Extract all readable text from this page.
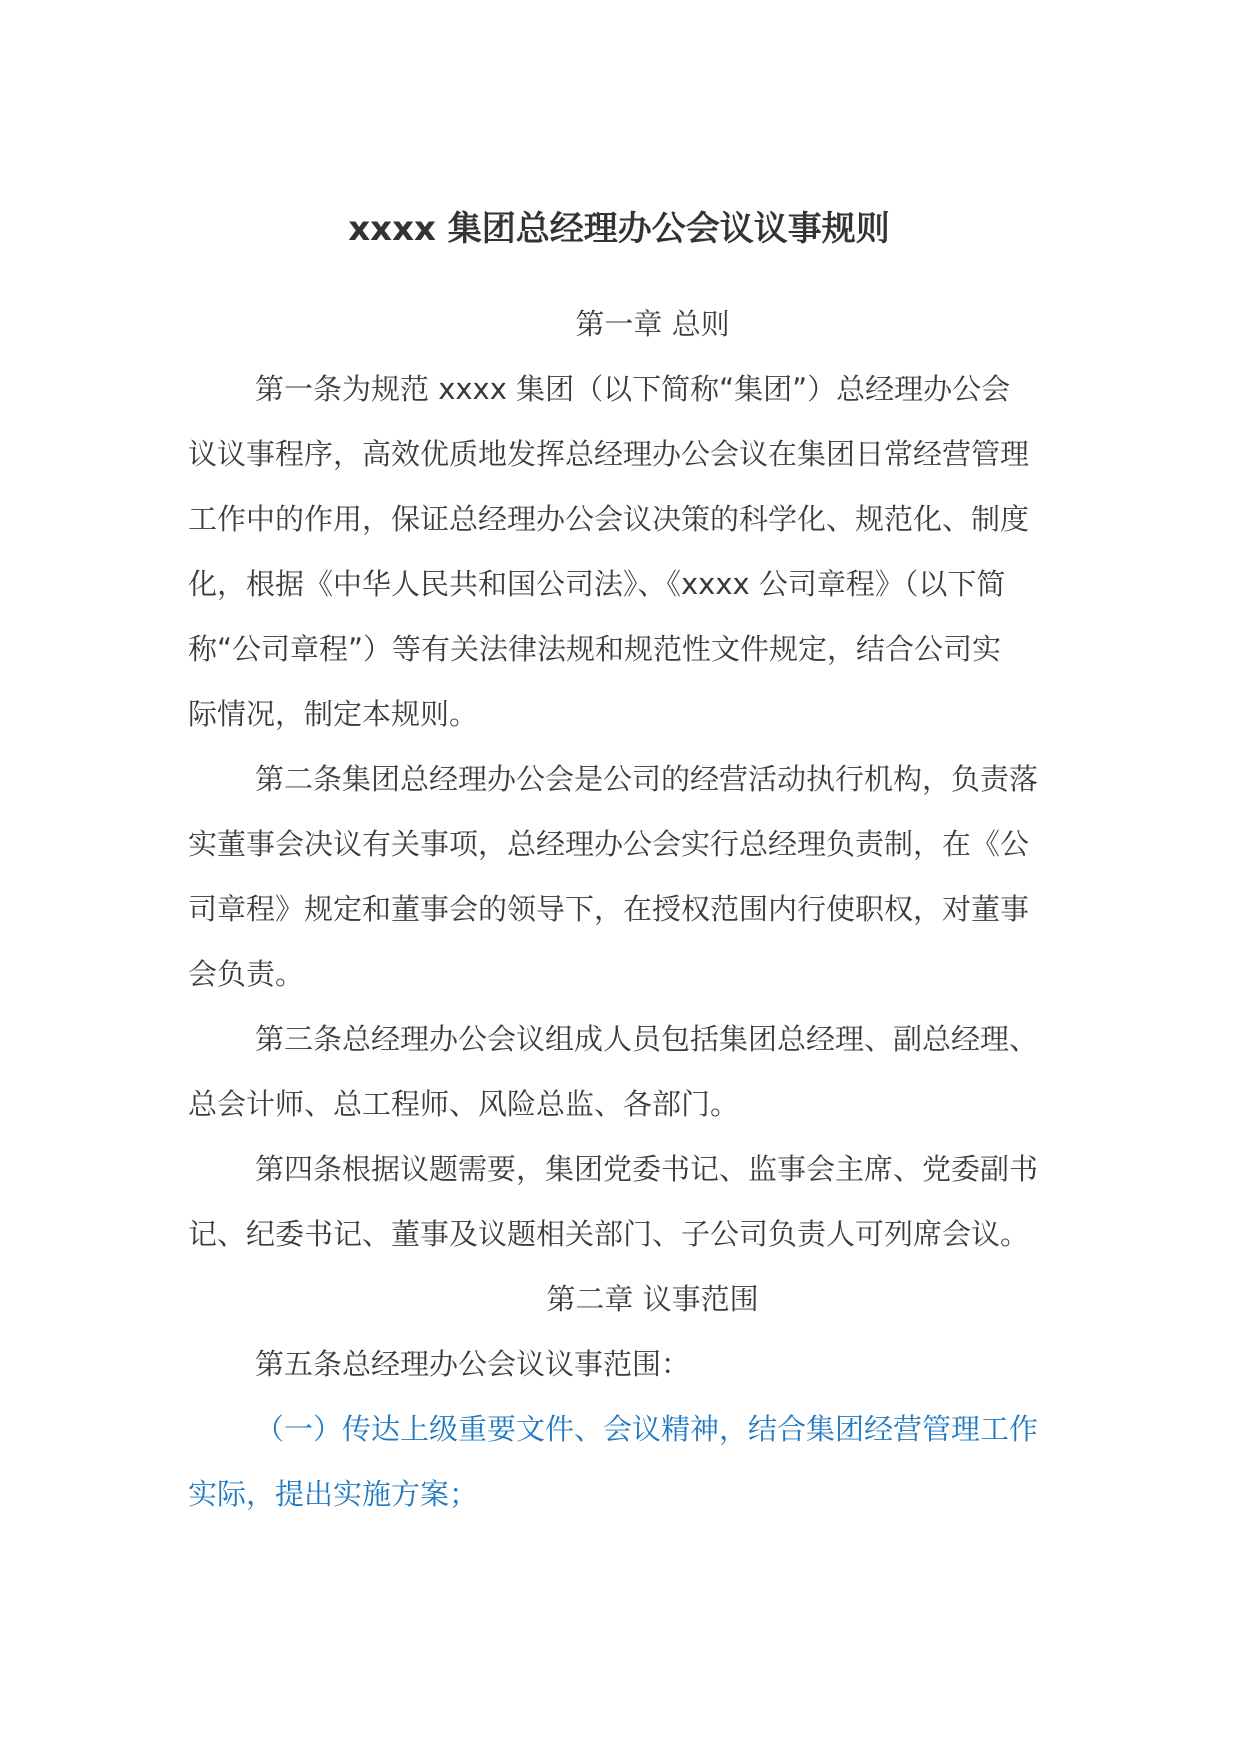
xxxx 集团总经理办公会议议事规则
第一章 总则
第一条为规范 xxxx 集团（以下简称“集团”）总经理办公会
议议事程序，高效优质地发挥总经理办公会议在集团日常经营管理
工作中的作用，保证总经理办公会议决策的科学化、规范化、制度
化，根据《中华人民共和国公司法》、《xxxx 公司章程》（以下简
称“公司章程”）等有关法律法规和规范性文件规定，结合公司实
际情况，制定本规则。
第二条集团总经理办公会是公司的经营活动执行机构，负责落
实董事会决议有关事项，总经理办公会实行总经理负责制，在《公
司章程》规定和董事会的领导下，在授权范围内行使职权，对董事
会负责。
第三条总经理办公会议组成人员包括集团总经理、副总经理、
总会计师、总工程师、风险总监、各部门。
第四条根据议题需要，集团党委书记、监事会主席、党委副书
记、纪委书记、董事及议题相关部门、子公司负责人可列席会议。
第二章 议事范围
第五条总经理办公会议议事范围：
（一）传达上级重要文件、会议精神，结合集团经营管理工作
实际，提出实施方案；
